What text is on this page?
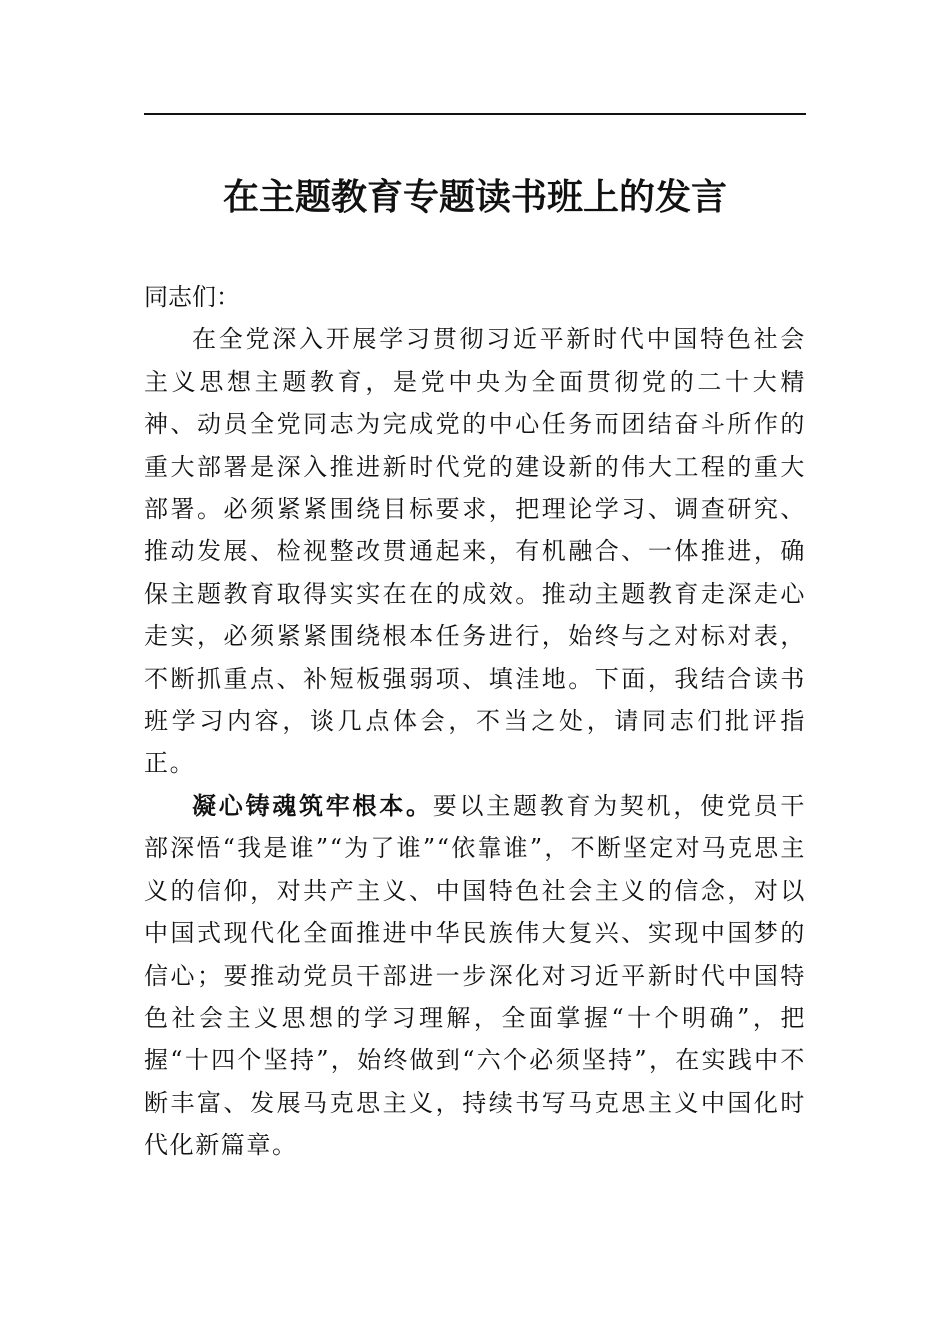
在主题教育专题读书班上的发言

同志们：

在全党深入开展学习贯彻习近平新时代中国特色社会主义思想主题教育，是党中央为全面贯彻党的二十大精神、动员全党同志为完成党的中心任务而团结奋斗所作的重大部署是深入推进新时代党的建设新的伟大工程的重大部署。必须紧紧围绕目标要求，把理论学习、调查研究、推动发展、检视整改贯通起来，有机融合、一体推进，确保主题教育取得实实在在的成效。推动主题教育走深走心走实，必须紧紧围绕根本任务进行，始终与之对标对表，不断抓重点、补短板强弱项、填洼地。下面，我结合读书班学习内容，谈几点体会，不当之处，请同志们批评指正。

凝心铸魂筑牢根本。要以主题教育为契机，使党员干部深悟“我是谁”“为了谁”“依靠谁”，不断坚定对马克思主义的信仰，对共产主义、中国特色社会主义的信念，对以中国式现代化全面推进中华民族伟大复兴、实现中国梦的信心；要推动党员干部进一步深化对习近平新时代中国特色社会主义思想的学习理解，全面掌握“十个明确”，把握“十四个坚持”，始终做到“六个必须坚持”，在实践中不断丰富、发展马克思主义，持续书写马克思主义中国化时代化新篇章。
